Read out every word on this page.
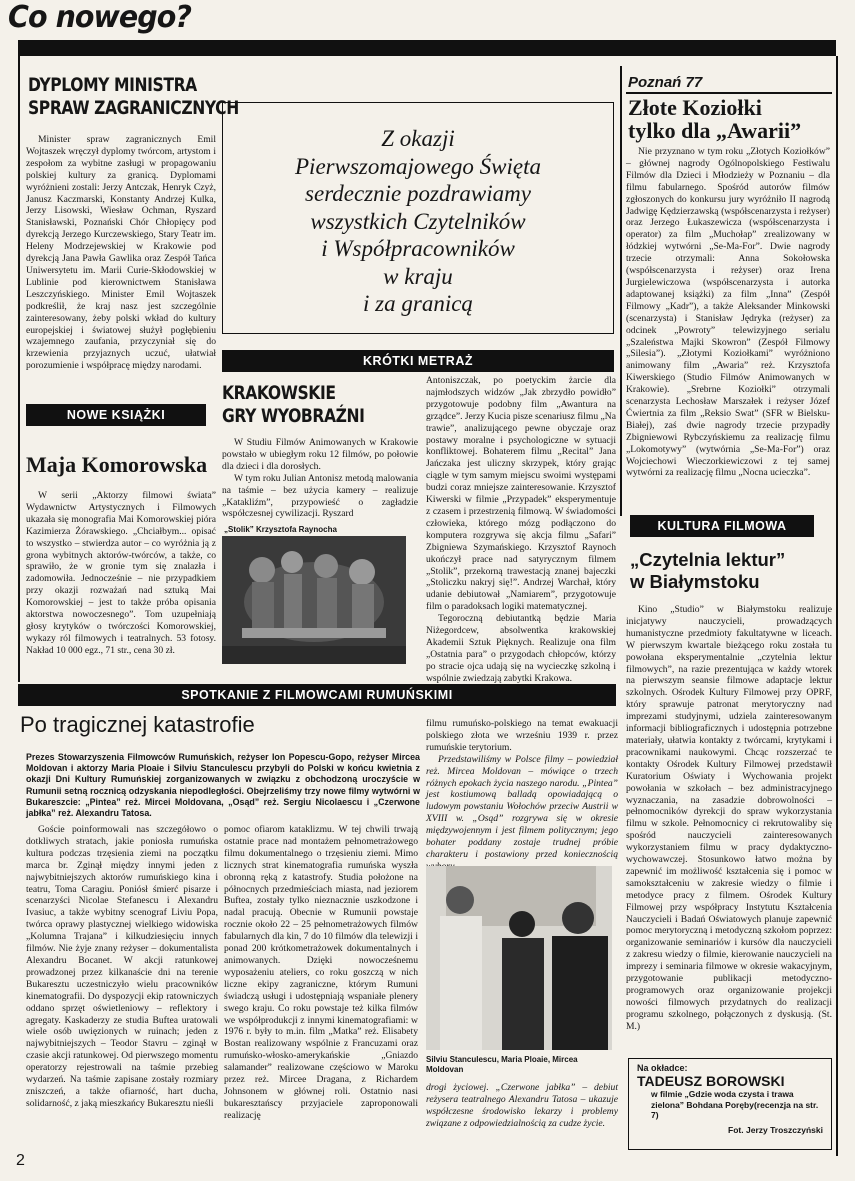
Co nowego?
DYPLOMY MINISTRA
SPRAW ZAGRANICZNYCH

Minister spraw zagranicznych Emil Wojtaszek wręczył dyplomy twórcom, artystom i zespołom za wybitne zasługi w propagowaniu polskiej kultury za granicą. Dyplomami wyróżnieni zostali: Jerzy Antczak, Henryk Czyż, Janusz Kaczmarski, Konstanty Andrzej Kulka, Jerzy Lisowski, Wiesław Ochman, Ryszard Stanisławski, Poznański Chór Chłopięcy pod dyrekcją Jerzego Kurczewskiego, Stary Teatr im. Heleny Modrzejewskiej w Krakowie pod dyrekcją Jana Pawła Gawlika oraz Zespół Tańca Uniwersytetu im. Marii Curie-Skłodowskiej w Lublinie pod kierownictwem Stanisława Leszczyńskiego. Minister Emil Wojtaszek podkreślił, że kraj nasz jest szczególnie zainteresowany, żeby polski wkład do kultury europejskiej i światowej służył pogłębieniu wzajemnego zaufania, przyczyniał się do krzewienia przyjaznych uczuć, ułatwiał porozumienie i współpracę między narodami.

NOWE KSIĄŻKI
Maja Komorowska

W serii „Aktorzy filmowi świata” Wydawnictw Artystycznych i Filmowych ukazała się monografia Mai Komorowskiej pióra Kazimierza Żórawskiego. „Chciałbym... opisać to wszystko – stwierdza autor – co wyróżnia ją z grona wybitnych aktorów-twórców, a także, co sprawiło, że w gronie tym się znalazła i zadomowiła. Jednocześnie – nie przypadkiem przy okazji rozważań nad sztuką Mai Komorowskiej – jest to także próba opisania aktorstwa nowoczesnego”. Tom uzupełniają głosy krytyków o twórczości Komorowskiej, wykazy ról filmowych i teatralnych. 53 fotosy. Nakład 10 000 egz., 71 str., cena 30 zł.

Z okazji
Pierwszomajowego Święta
serdecznie pozdrawiamy
wszystkich Czytelników
i Współpracowników
w kraju
i za granicą
KRÓTKI METRAŻ
KRAKOWSKIE
GRY WYOBRAŹNI

W Studiu Filmów Animowanych w Krakowie powstało w ubiegłym roku 12 filmów, po połowie dla dzieci i dla dorosłych.

W tym roku Julian Antonisz metodą malowania na taśmie – bez użycia kamery – realizuje „Katakliźm”, przypowieść o zagładzie współczesnej cywilizacji. Ryszard

„Stolik” Krzysztofa Raynocha

Antoniszczak, po poetyckim żarcie dla najmłodszych widzów „Jak zbrzydło powidło” przygotowuje podobny film „Awantura na grządce”. Jerzy Kucia pisze scenariusz filmu „Na trawie”, analizującego pewne obyczaje oraz postawy moralne i psychologiczne w sytuacji konfliktowej. Bohaterem filmu „Recital” Jana Jańczaka jest uliczny skrzypek, który grając ciągle w tym samym miejscu swoimi występami budzi coraz mniejsze zainteresowanie. Krzysztof Kiwerski w filmie „Przypadek” eksperymentuje z czasem i przestrzenią filmową. W świadomości człowieka, którego mózg podłączono do komputera rozgrywa się akcja filmu „Safari” Zbigniewa Szymańskiego. Krzysztof Raynoch ukończył prace nad satyrycznym filmem „Stolik”, przekorną trawestacją znanej bajeczki „Stoliczku nakryj się!”. Andrzej Warchał, który udanie debiutował „Namiarem”, przygotowuje film o paradoksach logiki matematycznej.

Tegoroczną debiutantką będzie Maria Niżegordcew, absolwentka krakowskiej Akademii Sztuk Pięknych. Realizuje ona film „Ostatnia para” o przygodach chłopców, którzy po stracie ojca udają się na wycieczkę szkolną i wspólnie zwiedzają zabytki Krakowa.

Poznań 77
Złote Koziołki
tylko dla „Awarii”

Nie przyznano w tym roku „Złotych Koziołków” – głównej nagrody Ogólnopolskiego Festiwalu Filmów dla Dzieci i Młodzieży w Poznaniu – dla filmu fabularnego. Spośród autorów filmów zgłoszonych do konkursu jury wyróżniło II nagrodą Jadwigę Kędzierzawską (współscenarzysta i reżyser) oraz Jerzego Łukaszewicza (współscenarzysta i operator) za film „Muchołap” zrealizowany w łódzkiej wytwórni „Se-Ma-For”. Dwie nagrody trzecie otrzymali: Anna Sokołowska (współscenarzysta i reżyser) oraz Irena Jurgielewiczowa (współscenarzysta i autorka adaptowanej książki) za film „Inna” (Zespół Filmowy „Kadr”), a także Aleksander Minkowski (scenarzysta) i Stanisław Jędryka (reżyser) za odcinek „Powroty” telewizyjnego serialu „Szaleństwa Majki Skowron” (Zespół Filmowy „Silesia”). „Złotymi Koziołkami” wyróżniono animowany film „Awaria” reż. Krzysztofa Kiwerskiego (Studio Filmów Animowanych w Krakowie). „Srebrne Koziołki” otrzymali scenarzysta Lechosław Marszałek i reżyser Józef Ćwiertnia za film „Reksio Swat” (SFR w Bielsku-Białej), zaś dwie nagrody trzecie przypadły Zbigniewowi Rybczyńskiemu za realizację filmu „Lokomotywy” (wytwórnia „Se-Ma-For”) oraz Wojciechowi Wieczorkiewiczowi z tej samej wytwórni za realizację filmu „Nocna ucieczka”.

KULTURA FILMOWA
„Czytelnia lektur”
w Białymstoku

Kino „Studio” w Białymstoku realizuje inicjatywy nauczycieli, prowadzących humanistyczne przedmioty fakultatywne w liceach. W pierwszym kwartale bieżącego roku została tu powołana eksperymentalnie „czytelnia lektur filmowych”, na razie prezentująca w każdy wtorek na pierwszym seansie filmowe adaptacje lektur szkolnych. Ośrodek Kultury Filmowej przy OPRF, który sprawuje patronat merytoryczny nad imprezami studyjnymi, udziela zainteresowanym informacji bibliograficznych i udostępnia potrzebne materiały, ułatwia kontakty z twórcami, krytykami i pracownikami naukowymi. Chcąc rozszerzać te kontakty Ośrodek Kultury Filmowej przedstawił Kuratorium Oświaty i Wychowania projekt powołania w szkołach – bez administracyjnego wyznaczania, na zasadzie dobrowolności – pełnomocników dyrekcji do spraw wykorzystania filmu w szkole. Pełnomocnicy ci rekrutowaliby się spośród nauczycieli zainteresowanych wykorzystaniem filmu w pracy dydaktyczno-wychowawczej. Stosunkowo łatwo można by zapewnić im możliwość kształcenia się i pomoc w samokształceniu w zakresie wiedzy o filmie i metodyce pracy z filmem. Ośrodek Kultury Filmowej przy współpracy Instytutu Kształcenia Nauczycieli i Badań Oświatowych planuje zapewnić pomoc merytoryczną i metodyczną szkołom poprzez: organizowanie seminariów i kursów dla nauczycieli z zakresu wiedzy o filmie, kierowanie nauczycieli na imprezy i seminaria filmowe w okresie wakacyjnym, przygotowanie publikacji metodyczno-programowych oraz organizowanie projekcji nowości filmowych przydatnych do realizacji programu szkolnego, połączonych z dyskusją. (St. M.)

SPOTKANIE Z FILMOWCAMI RUMUŃSKIMI
Po tragicznej katastrofie

Prezes Stowarzyszenia Filmowców Rumuńskich, reżyser Ion Popescu-Gopo, reżyser Mircea Moldovan i aktorzy Maria Ploaie i Silviu Stanculescu przybyli do Polski w końcu kwietnia z okazji Dni Kultury Rumuńskiej zorganizowanych w związku z obchodzoną uroczyście w Rumunii setną rocznicą odzyskania niepodległości. Obejrzeliśmy trzy nowe filmy wytwórni w Bukareszcie: „Pintea” reż. Mircei Moldovana, „Osąd” reż. Sergiu Nicolaescu i „Czerwone jabłka” reż. Alexandru Tatosa.

Goście poinformowali nas szczegółowo o dotkliwych stratach, jakie poniosła rumuńska kultura podczas trzęsienia ziemi na początku marca br. Zginął między innymi jeden z najwybitniejszych aktorów rumuńskiego kina i teatru, Toma Caragiu. Poniósł śmierć pisarze i scenarzyści Nicolae Stefanescu i Alexandru Ivasiuc, a także wybitny scenograf Liviu Popa, twórca oprawy plastycznej wielkiego widowiska „Kolumna Trajana” i kilkudziesięciu innych filmów. Nie żyje znany reżyser – dokumentalista Alexandru Bocanet. W akcji ratunkowej prowadzonej przez kilkanaście dni na terenie Bukaresztu uczestniczyło wielu pracowników kinematografii. Do dyspozycji ekip ratowniczych oddano sprzęt oświetleniowy – reflektory i agregaty. Kaskaderzy ze studia Buftea uratowali wiele osób uwięzionych w ruinach; jeden z najwybitniejszych – Teodor Stavru – zginął w czasie akcji ratunkowej. Od pierwszego momentu operatorzy rejestrowali na taśmie przebieg wydarzeń. Na taśmie zapisane zostały rozmiary zniszczeń, a także ofiarność, hart ducha, solidarność, z jaką mieszkańcy Bukaresztu nieśli

pomoc ofiarom kataklizmu. W tej chwili trwają ostatnie prace nad montażem pełnometrażowego filmu dokumentalnego o trzęsieniu ziemi. Mimo licznych strat kinematografia rumuńska wyszła obronną ręką z katastrofy. Studia położone na północnych przedmieściach miasta, nad jeziorem Buftea, zostały tylko nieznacznie uszkodzone i nadal pracują. Obecnie w Rumunii powstaje rocznie około 22 – 25 pełnometrażowych filmów fabularnych dla kin, 7 do 10 filmów dla telewizji i ponad 200 krótkometrażowek dokumentalnych i animowanych. Dzięki nowocześnemu wyposażeniu ateliers, co roku goszczą w nich liczne ekipy zagraniczne, którym Rumuni świadczą usługi i udostępniają wspaniałe plenery swego kraju. Co roku powstaje też kilka filmów we współprodukcji z innymi kinematografiami: w 1976 r. były to m.in. film „Matka” reż. Elisabety Bostan realizowany wspólnie z Francuzami oraz rumuńsko-włosko-amerykańskie „Gniazdo salamander” realizowane częściowo w Maroku przez reż. Mircee Dragana, z Richardem Johnsonem w głównej roli. Ostatnio nasi bukaresztańscy przyjaciele zaproponowali realizację

filmu rumuńsko-polskiego na temat ewakuacji polskiego złota we wrześniu 1939 r. przez rumuńskie terytorium.

Przedstawiliśmy w Polsce filmy – powiedział reż. Mircea Moldovan – mówiące o trzech różnych epokach życia naszego narodu. „Pintea” jest kostiumową balladą opowiadającą o ludowym powstaniu Wołochów przeciw Austrii w XVIII w. „Osąd” rozgrywa się w okresie międzywojennym i jest filmem politycznym; jego bohater poddany zostaje trudnej próbie charakteru i postawiony przed koniecznością

Silviu Stanculescu, Maria Ploaie, Mircea Moldovan

drogi życiowej. „Czerwone jabłka” – debiut reżysera teatralnego Alexandru Tatosa – ukazuje współczesne środowisko lekarzy i problemy związane z odpowiedzialnością za cudze życie.

Na okładce:
TADEUSZ BOROWSKI
w filmie „Gdzie woda czysta i trawa zielona” Bohdana Poręby(recenzja na str. 7)
Fot. Jerzy Troszczyński
2
